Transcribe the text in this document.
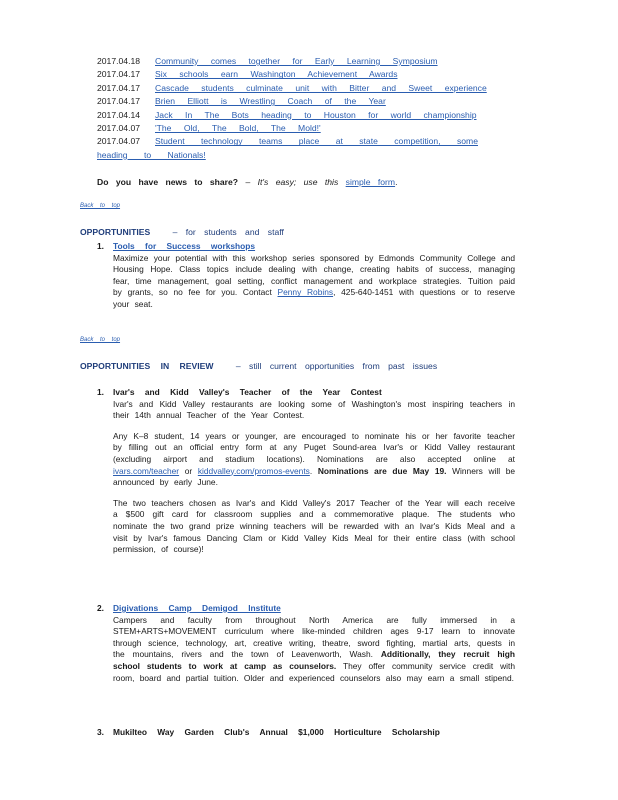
2017.04.18	Community comes together for Early Learning Symposium
2017.04.17	Six schools earn Washington Achievement Awards
2017.04.17	Cascade students culminate unit with Bitter and Sweet experience
2017.04.17	Brien Elliott is Wrestling Coach of the Year
2017.04.14	Jack In The Bots heading to Houston for world championship
2017.04.07	'The Old, The Bold, The Mold!'
2017.04.07 Student technology teams place at state competition, some heading to Nationals!
Do you have news to share? – It's easy; use this simple form.
Back to top
OPPORTUNITIES	– for students and staff
1. Tools for Success workshops
Maximize your potential with this workshop series sponsored by Edmonds Community College and Housing Hope. Class topics include dealing with change, creating habits of success, managing fear, time management, goal setting, conflict management and workplace strategies. Tuition paid by grants, so no fee for you. Contact Penny Robins, 425-640-1451 with questions or to reserve your seat.
Back to top
OPPORTUNITIES IN REVIEW	– still current opportunities from past issues
1. Ivar's and Kidd Valley's Teacher of the Year Contest

Ivar's and Kidd Valley restaurants are looking some of Washington's most inspiring teachers in their 14th annual Teacher of the Year Contest.

Any K–8 student, 14 years or younger, are encouraged to nominate his or her favorite teacher by filling out an official entry form at any Puget Sound-area Ivar's or Kidd Valley restaurant (excluding airport and stadium locations). Nominations are also accepted online at ivars.com/teacher or kiddvalley.com/promos-events. Nominations are due May 19. Winners will be announced by early June.

The two teachers chosen as Ivar's and Kidd Valley's 2017 Teacher of the Year will each receive a $500 gift card for classroom supplies and a commemorative plaque. The students who nominate the two grand prize winning teachers will be rewarded with an Ivar's Kids Meal and a visit by Ivar's famous Dancing Clam or Kidd Valley Kids Meal for their entire class (with school permission, of course)!

2. Digivations Camp Demigod Institute
Campers and faculty from throughout North America are fully immersed in a STEM+ARTS+MOVEMENT curriculum where like-minded children ages 9-17 learn to innovate through science, technology, art, creative writing, theatre, sword fighting, martial arts, quests in the mountains, rivers and the town of Leavenworth, Wash. Additionally, they recruit high school students to work at camp as counselors. They offer community service credit with room, board and partial tuition. Older and experienced counselors also may earn a small stipend.
3. Mukilteo Way Garden Club's Annual $1,000 Horticulture Scholarship
